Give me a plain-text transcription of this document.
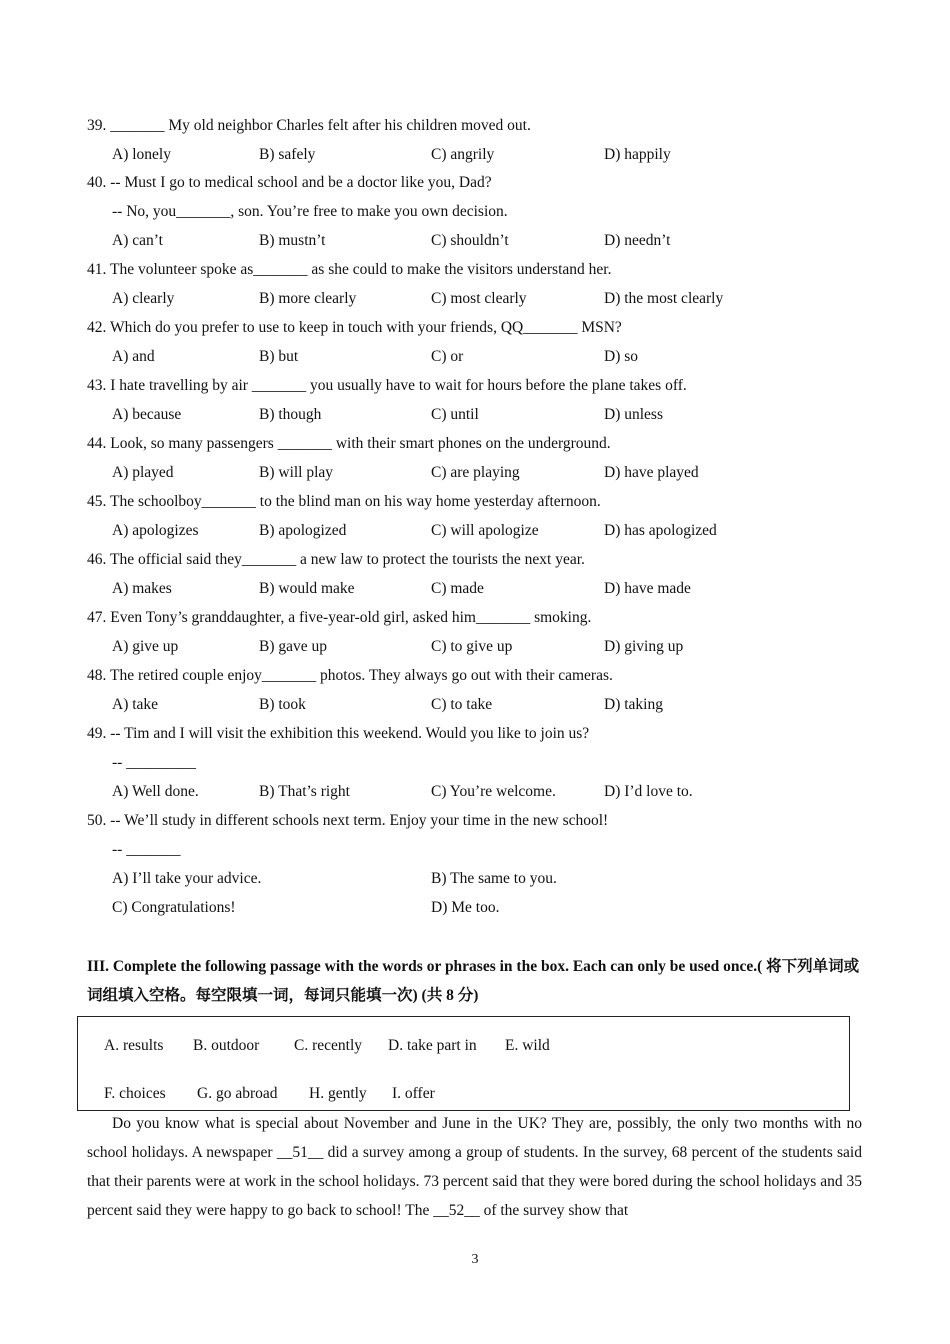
39. _______ My old neighbor Charles felt after his children moved out.
A) lonely	B) safely	C) angrily	D) happily
40. -- Must I go to medical school and be a doctor like you, Dad?
-- No, you_______, son. You’re free to make you own decision.
A) can’t	B) mustn’t	C) shouldn’t	D) needn’t
41. The volunteer spoke as_______ as she could to make the visitors understand her.
A) clearly	B) more clearly	C) most clearly	D) the most clearly
42. Which do you prefer to use to keep in touch with your friends, QQ_______ MSN?
A) and	B) but	C) or	D) so
43. I hate travelling by air _______ you usually have to wait for hours before the plane takes off.
A) because	B) though	C) until	D) unless
44. Look, so many passengers _______ with their smart phones on the underground.
A) played	B) will play	C) are playing	D) have played
45. The schoolboy_______ to the blind man on his way home yesterday afternoon.
A) apologizes	B) apologized	C) will apologize	D) has apologized
46. The official said they_______ a new law to protect the tourists the next year.
A) makes	B) would make	C) made	D) have made
47. Even Tony’s granddaughter, a five-year-old girl, asked him_______ smoking.
A) give up	B) gave up	C) to give up	D) giving up
48. The retired couple enjoy_______ photos. They always go out with their cameras.
A) take	B) took	C) to take	D) taking
49. -- Tim and I will visit the exhibition this weekend. Would you like to join us?
-- _________
A) Well done.	B) That’s right	C) You’re welcome.	D) I’d love to.
50. -- We’ll study in different schools next term. Enjoy your time in the new school!
-- _______
A) I’ll take your advice.	B) The same to you.
C) Congratulations!	D) Me too.
III. Complete the following passage with the words or phrases in the box. Each can only be used once.( 将下列单词或词组填入空格。每空限填一词，每词只能填一次) (共 8 分)
A. results B. outdoor C. recently D. take part in E. wild
F. choices G. go abroad H. gently I. offer
Do you know what is special about November and June in the UK? They are, possibly, the only two months with no school holidays. A newspaper __51__ did a survey among a group of students. In the survey, 68 percent of the students said that their parents were at work in the school holidays. 73 percent said that they were bored during the school holidays and 35 percent said they were happy to go back to school! The __52__ of the survey show that
3
